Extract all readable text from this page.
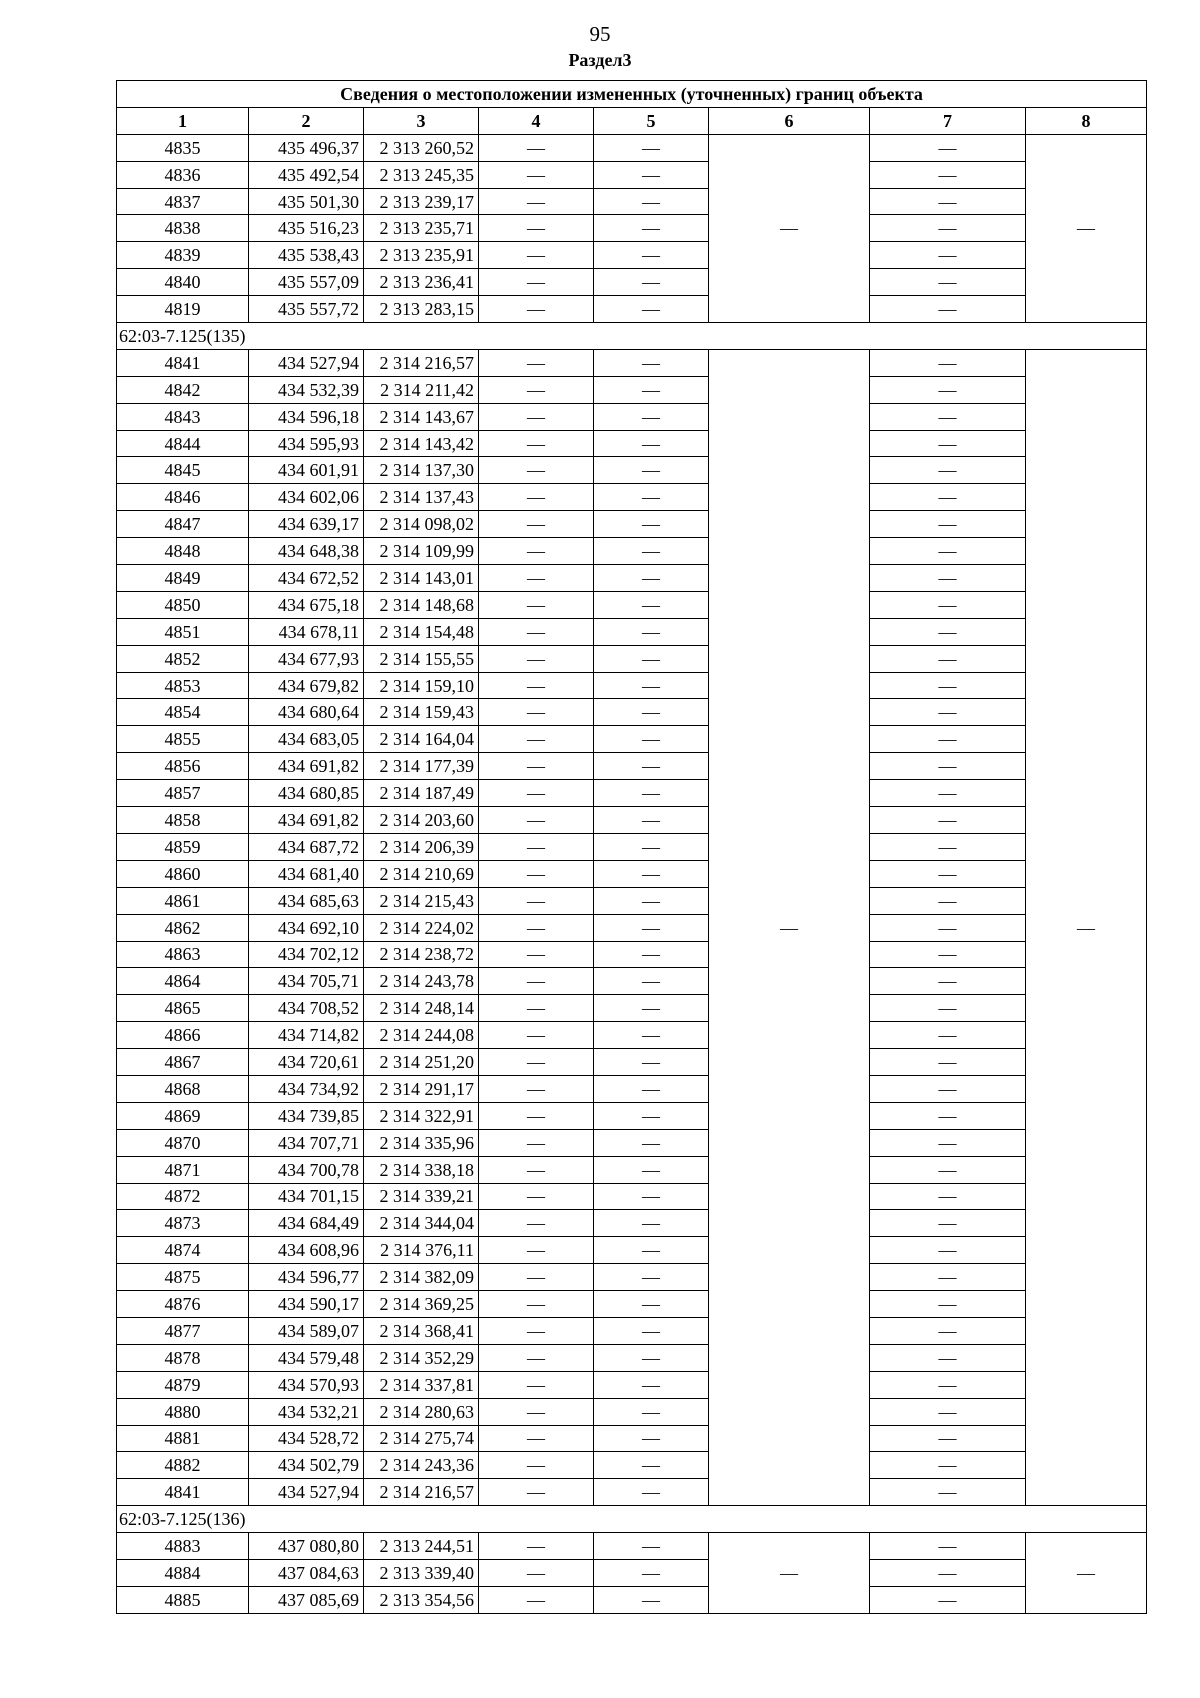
95
Раздел3
Сведения о местоположении измененных (уточненных) границ объекта							
1	2	3	4	5	6	7	8
4835	435 496,37	2 313 260,52	—	—	—	—	—
4836	435 492,54	2 313 245,35	—	—		—	
4837	435 501,30	2 313 239,17	—	—		—	
4838	435 516,23	2 313 235,71	—	—		—	
4839	435 538,43	2 313 235,91	—	—		—	
4840	435 557,09	2 313 236,41	—	—		—	
4819	435 557,72	2 313 283,15	—	—		—	
62:03-7.125(135)							
4841	434 527,94	2 314 216,57	—	—	—	—	—
4842	434 532,39	2 314 211,42	—	—		—	
4843	434 596,18	2 314 143,67	—	—		—	
4844	434 595,93	2 314 143,42	—	—		—	
4845	434 601,91	2 314 137,30	—	—		—	
4846	434 602,06	2 314 137,43	—	—		—	
4847	434 639,17	2 314 098,02	—	—		—	
4848	434 648,38	2 314 109,99	—	—		—	
4849	434 672,52	2 314 143,01	—	—		—	
4850	434 675,18	2 314 148,68	—	—		—	
4851	434 678,11	2 314 154,48	—	—		—	
4852	434 677,93	2 314 155,55	—	—		—	
4853	434 679,82	2 314 159,10	—	—		—	
4854	434 680,64	2 314 159,43	—	—		—	
4855	434 683,05	2 314 164,04	—	—		—	
4856	434 691,82	2 314 177,39	—	—		—	
4857	434 680,85	2 314 187,49	—	—		—	
4858	434 691,82	2 314 203,60	—	—		—	
4859	434 687,72	2 314 206,39	—	—		—	
4860	434 681,40	2 314 210,69	—	—		—	
4861	434 685,63	2 314 215,43	—	—		—	
4862	434 692,10	2 314 224,02	—	—		—	
4863	434 702,12	2 314 238,72	—	—		—	
4864	434 705,71	2 314 243,78	—	—		—	
4865	434 708,52	2 314 248,14	—	—		—	
4866	434 714,82	2 314 244,08	—	—		—	
4867	434 720,61	2 314 251,20	—	—		—	
4868	434 734,92	2 314 291,17	—	—		—	
4869	434 739,85	2 314 322,91	—	—		—	
4870	434 707,71	2 314 335,96	—	—		—	
4871	434 700,78	2 314 338,18	—	—		—	
4872	434 701,15	2 314 339,21	—	—		—	
4873	434 684,49	2 314 344,04	—	—		—	
4874	434 608,96	2 314 376,11	—	—		—	
4875	434 596,77	2 314 382,09	—	—		—	
4876	434 590,17	2 314 369,25	—	—		—	
4877	434 589,07	2 314 368,41	—	—		—	
4878	434 579,48	2 314 352,29	—	—		—	
4879	434 570,93	2 314 337,81	—	—		—	
4880	434 532,21	2 314 280,63	—	—		—	
4881	434 528,72	2 314 275,74	—	—		—	
4882	434 502,79	2 314 243,36	—	—		—	
4841	434 527,94	2 314 216,57	—	—		—	
62:03-7.125(136)							
4883	437 080,80	2 313 244,51	—	—	—	—	—
4884	437 084,63	2 313 339,40	—	—		—	
4885	437 085,69	2 313 354,56	—	—		—	
